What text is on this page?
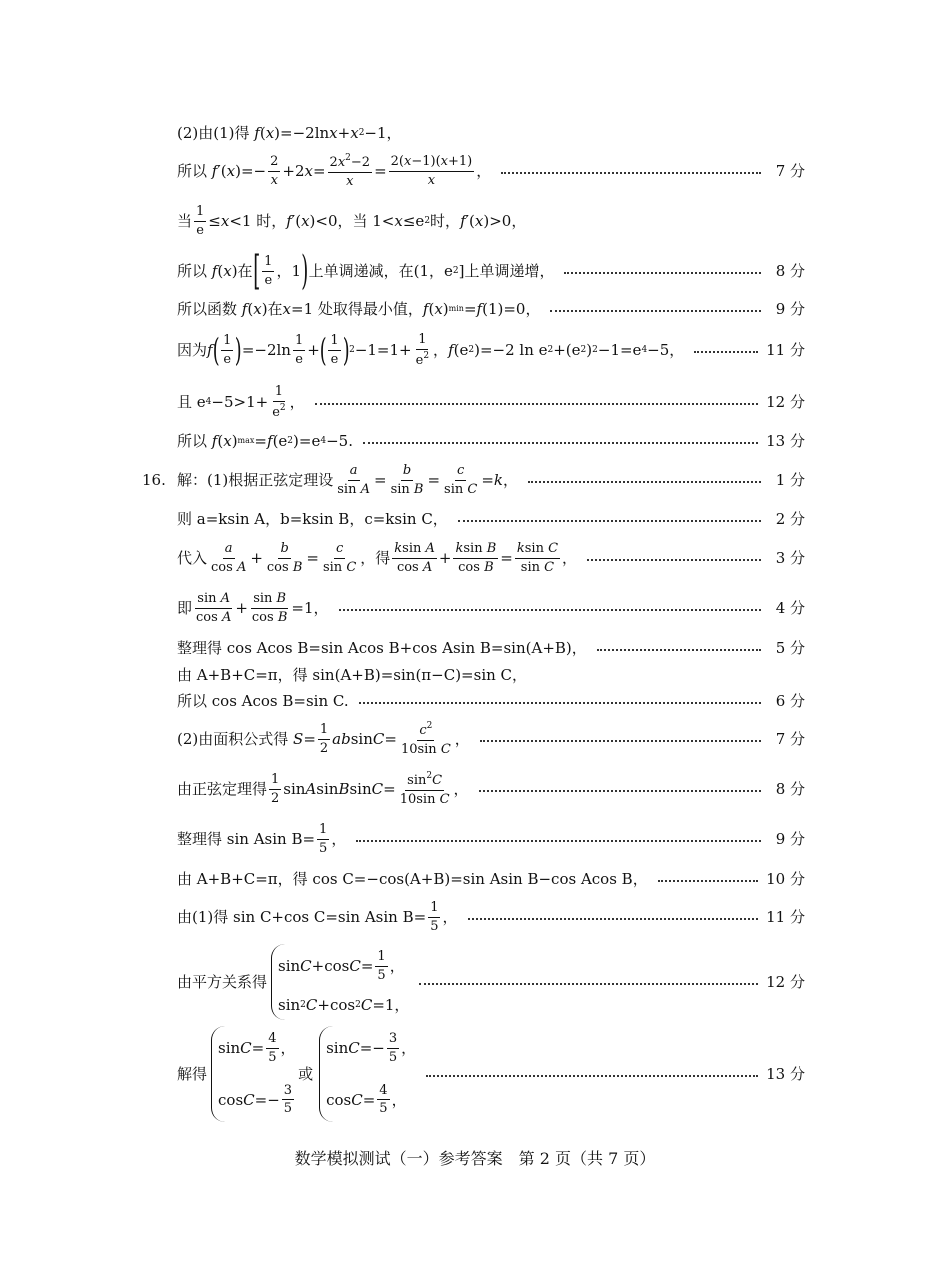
(2)由(1)得
f ( x )=−2ln x + x 2 −1，
所以
f ′( x )=−
2
x
+2 $x = 2x^2-2$
x
=
2(x−1)(x+1)
x
，	7 分
当
1
e
≤ x <1 时， f ′( x )<0，当 1< x ≤e 2 时， f ′( x )>0，
所以
f ( x )在 [ 1
e
，1 ) 上单调递减，在(1，e 2 ]上单调递增，	8 分
所以函数
f ( x )在 x =1 处取得最小值， f ( x ) min = f (1)=0，	9 分
因为 f ( 1
e ) =−2ln
1
e
+ ( 1
e ) 2 −1=1+
1
$e^2$ ， f (e 2 )=−2 ln e 2 +(e 2 ) 2 −1=e 4 −5，	11 分
且 e 4 −5>1+
1
$e^2$ ，	12 分
所以
f ( x ) max = f (e 2 )=e 4 −5.	13 分
16. 解：(1)根据正弦定理设
a
sin A
=
b
sin B
=
c
sin C
= k ，	1 分
则 a=ksin A，b=ksin B，c=ksin C，	2 分
代入
a
cos A
+
b
cos B
=
c
sin C
，得
ksin A
cos A
+
ksin B
cos B
=
ksin C
sin C
，	3 分
即
sin A
cos A
+
sin B
cos B
=1，	4 分
整理得 cos Acos B=sin Acos B+cos Asin B=sin(A+B)，	5 分
由 A+B+C=π，得 sin(A+B)=sin(π−C)=sin C，
所以 cos Acos B=sin C.	6 分
(2)由面积公式得
S =
1
2
ab $\sin C = c^2$
10sin C
，	7 分
由正弦定理得
1
2
sin A sin B $\sin C = \sin^2C$
10sin C
，	8 分
整理得 sin Asin $B= \frac{1}{5}$ ，	9 分
由 A+B+C=π，得 cos C=−cos(A+B)=sin Asin B−cos Acos B，	10 分
由(1)得 sin C+cos C=sin Asin $B= \frac{1}{5}$ ，	11 分
由平方关系得
sin C +cos C =
1
5 ，
sin 2 C +cos 2 C =1，
12 分
解得
sin C =
4
5 ，
cos C =−
3
5
或
sin C =−
3
5 ，
cos C =
4
5 ，
13 分
数学模拟测试（一）参考答案　第 2 页（共 7 页）
